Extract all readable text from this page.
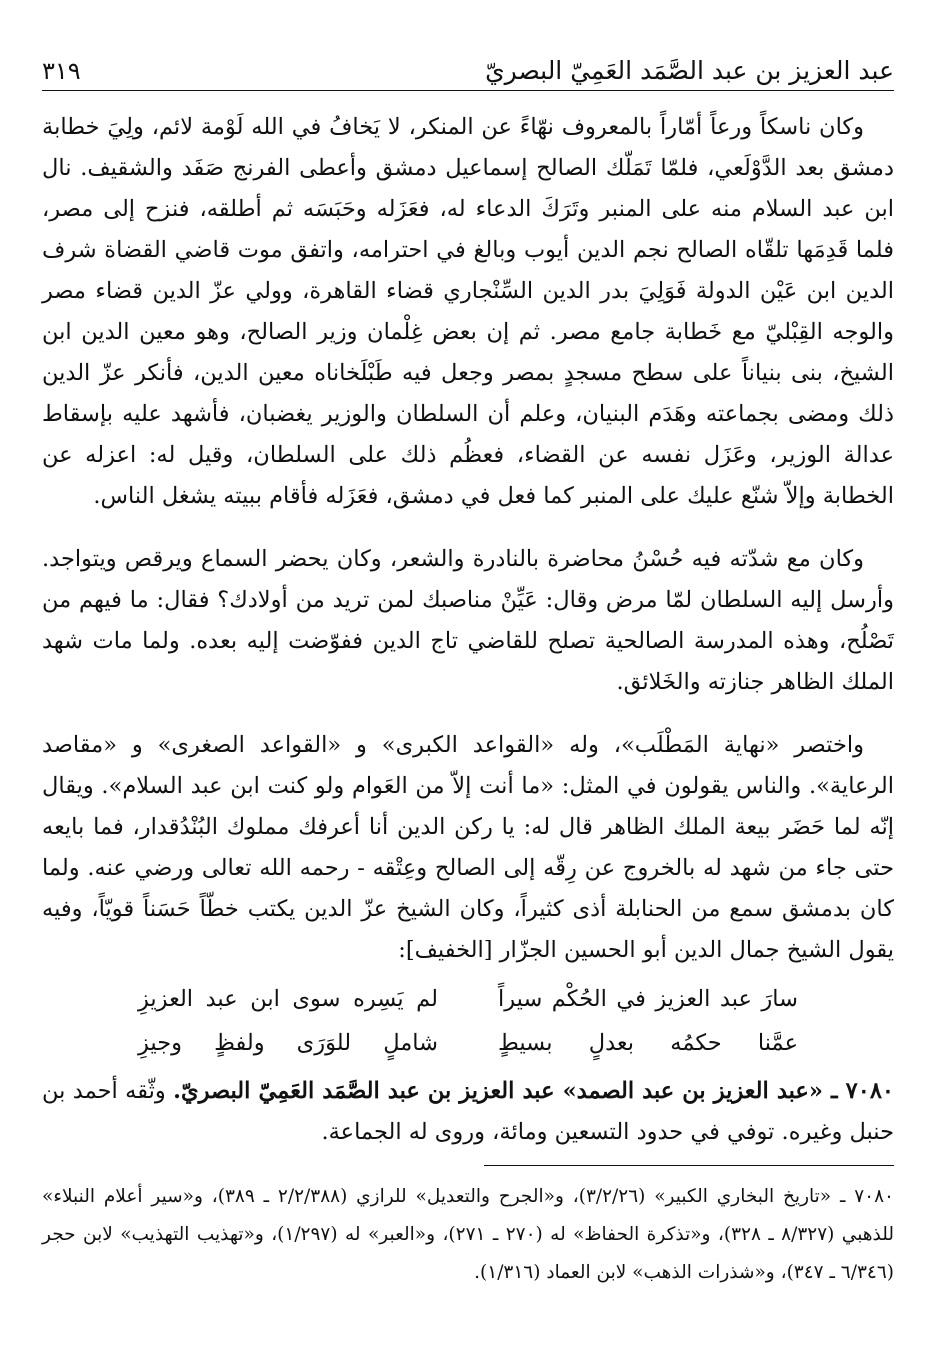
عبد العزيز بن عبد الصَّمَد العَمِيّ البصريّ
٣١٩

وكان ناسكاً ورعاً أمّاراً بالمعروف نهّاءً عن المنكر، لا يَخافُ في الله لَوْمة لائم، ولِيَ خطابة دمشق بعد الدَّوْلَعي، فلمّا تَمَلّك الصالح إسماعيل دمشق وأعطى الفرنج صَفَد والشقيف. نال ابن عبد السلام منه على المنبر وتَرَكَ الدعاء له، فعَزَله وحَبَسَه ثم أطلقه، فنزح إلى مصر، فلما قَدِمَها تلقّاه الصالح نجم الدين أيوب وبالغ في احترامه، واتفق موت قاضي القضاة شرف الدين ابن عَيْن الدولة فَوَلِيَ بدر الدين السِّنْجاري قضاء القاهرة، وولي عزّ الدين قضاء مصر والوجه القِبْليّ مع خَطابة جامع مصر. ثم إن بعض غِلْمان وزير الصالح، وهو معين الدين ابن الشيخ، بنى بنياناً على سطح مسجدٍ بمصر وجعل فيه طَبْلَخاناه معين الدين، فأنكر عزّ الدين ذلك ومضى بجماعته وهَدَم البنيان، وعلم أن السلطان والوزير يغضبان، فأشهد عليه بإسقاط عدالة الوزير، وعَزَل نفسه عن القضاء، فعظُم ذلك على السلطان، وقيل له: اعزله عن الخطابة وإلاّ شنّع عليك على المنبر كما فعل في دمشق، فعَزَله فأقام ببيته يشغل الناس.

وكان مع شدّته فيه حُسْنُ محاضرة بالنادرة والشعر، وكان يحضر السماع ويرقص ويتواجد. وأرسل إليه السلطان لمّا مرض وقال: عَيِّنْ مناصبك لمن تريد من أولادك؟ فقال: ما فيهم من تَصْلُح، وهذه المدرسة الصالحية تصلح للقاضي تاج الدين ففوّضت إليه بعده. ولما مات شهد الملك الظاهر جنازته والخَلائق.

واختصر «نهاية المَطْلَب»، وله «القواعد الكبرى» و «القواعد الصغرى» و «مقاصد الرعاية». والناس يقولون في المثل: «ما أنت إلاّ من العَوام ولو كنت ابن عبد السلام». ويقال إنّه لما حَضَر بيعة الملك الظاهر قال له: يا ركن الدين أنا أعرفك مملوك البُنْدُقدار، فما بايعه حتى جاء من شهد له بالخروج عن رِقّه إلى الصالح وعِتْقه - رحمه الله تعالى ورضي عنه. ولما كان بدمشق سمع من الحنابلة أذى كثيراً، وكان الشيخ عزّ الدين يكتب خطّاً حَسَناً قويّاً، وفيه يقول الشيخ جمال الدين أبو الحسين الجزّار [الخفيف]:

سارَ عبد العزيز في الحُكْم سيراً
لم يَسِره سوى ابن عبد العزيزِ
عمَّنا حكمُه بعدلٍ بسيطٍ
شاملٍ للوَرَى ولفظٍ وجيزِ
٧٠٨٠ ـ «عبد العزيز بن عبد الصمد» عبد العزيز بن عبد الصَّمَد العَمِيّ البصريّ. وثّقه أحمد بن حنبل وغيره. توفي في حدود التسعين ومائة، وروى له الجماعة.

٧٠٨٠ ـ «تاريخ البخاري الكبير» (٣/٢/٢٦)، و«الجرح والتعديل» للرازي (٢/٢/٣٨٨ ـ ٣٨٩)، و«سير أعلام النبلاء» للذهبي (٨/٣٢٧ ـ ٣٢٨)، و«تذكرة الحفاظ» له (٢٧٠ ـ ٢٧١)، و«العبر» له (١/٢٩٧)، و«تهذيب التهذيب» لابن حجر (٦/٣٤٦ ـ ٣٤٧)، و«شذرات الذهب» لابن العماد (١/٣١٦).
